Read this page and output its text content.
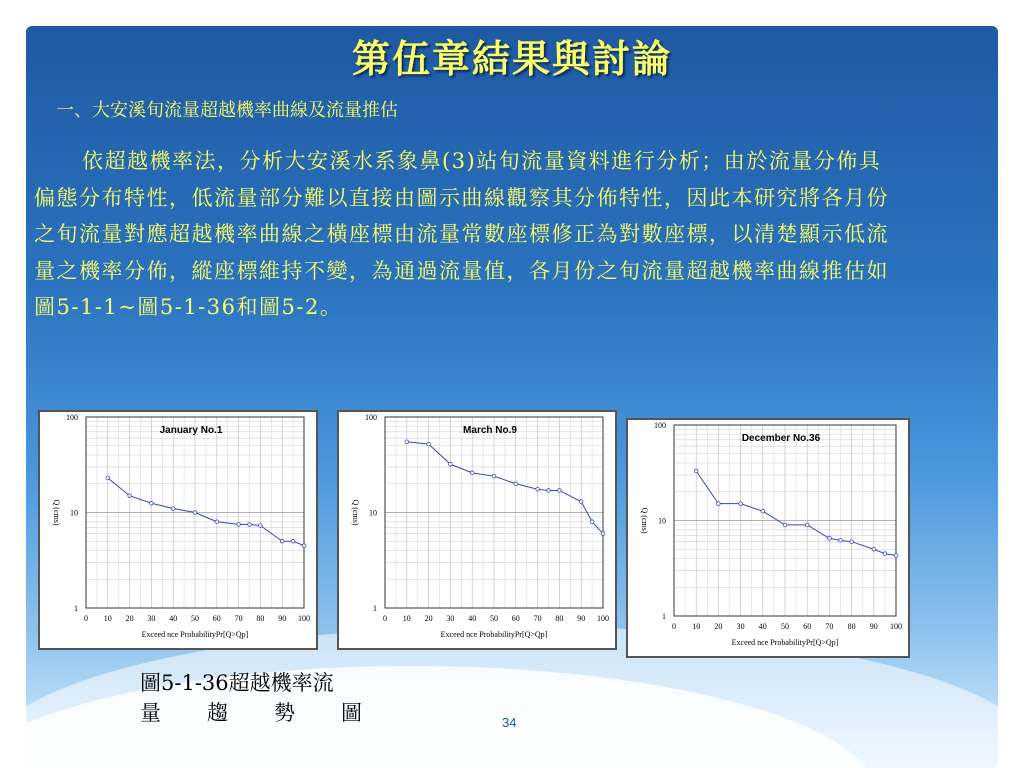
第伍章結果與討論
一、大安溪旬流量超越機率曲線及流量推估

依超越機率法，分析大安溪水系象鼻(3)站旬流量資料進行分析；由於流量分佈具偏態分布特性，低流量部分難以直接由圖示曲線觀察其分佈特性，因此本研究將各月份之旬流量對應超越機率曲線之橫座標由流量常數座標修正為對數座標，以清楚顯示低流量之機率分佈，縱座標維持不變，為通過流量值，各月份之旬流量超越機率曲線推估如圖5-1-1~圖5-1-36和圖5-2。

1
10
100
0 10 20 30 40 50 60 70 80 90 100
Exceed nce ProbabilityPr[Q>Qp]
Q (cms)
January No.1
1
10
100
0 10 20 30 40 50 60 70 80 90 100
Exceed nce ProbabilityPr[Q>Qp]
Q (cms)
March No.9
1
10
100
0 10 20 30 40 50 60 70 80 90 100
Exceed nce ProbabilityPr[Q>Qp]
Q (cms)
December No.36
圖5-1-36超越機率流
量 趨 勢 圖	34
